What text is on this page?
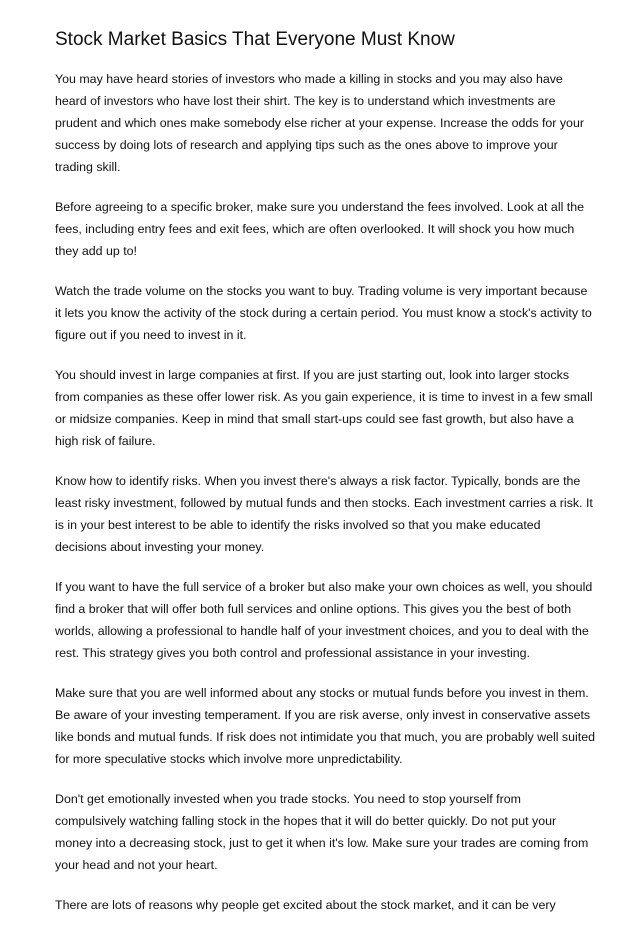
Stock Market Basics That Everyone Must Know

You may have heard stories of investors who made a killing in stocks and you may also have heard of investors who have lost their shirt. The key is to understand which investments are prudent and which ones make somebody else richer at your expense. Increase the odds for your success by doing lots of research and applying tips such as the ones above to improve your trading skill.

Before agreeing to a specific broker, make sure you understand the fees involved. Look at all the fees, including entry fees and exit fees, which are often overlooked. It will shock you how much they add up to!

Watch the trade volume on the stocks you want to buy. Trading volume is very important because it lets you know the activity of the stock during a certain period. You must know a stock's activity to figure out if you need to invest in it.

You should invest in large companies at first. If you are just starting out, look into larger stocks from companies as these offer lower risk. As you gain experience, it is time to invest in a few small or midsize companies. Keep in mind that small start-ups could see fast growth, but also have a high risk of failure.

Know how to identify risks. When you invest there's always a risk factor. Typically, bonds are the least risky investment, followed by mutual funds and then stocks. Each investment carries a risk. It is in your best interest to be able to identify the risks involved so that you make educated decisions about investing your money.

If you want to have the full service of a broker but also make your own choices as well, you should find a broker that will offer both full services and online options. This gives you the best of both worlds, allowing a professional to handle half of your investment choices, and you to deal with the rest. This strategy gives you both control and professional assistance in your investing.

Make sure that you are well informed about any stocks or mutual funds before you invest in them. Be aware of your investing temperament. If you are risk averse, only invest in conservative assets like bonds and mutual funds. If risk does not intimidate you that much, you are probably well suited for more speculative stocks which involve more unpredictability.

Don't get emotionally invested when you trade stocks. You need to stop yourself from compulsively watching falling stock in the hopes that it will do better quickly. Do not put your money into a decreasing stock, just to get it when it's low. Make sure your trades are coming from your head and not your heart.

There are lots of reasons why people get excited about the stock market, and it can be very
